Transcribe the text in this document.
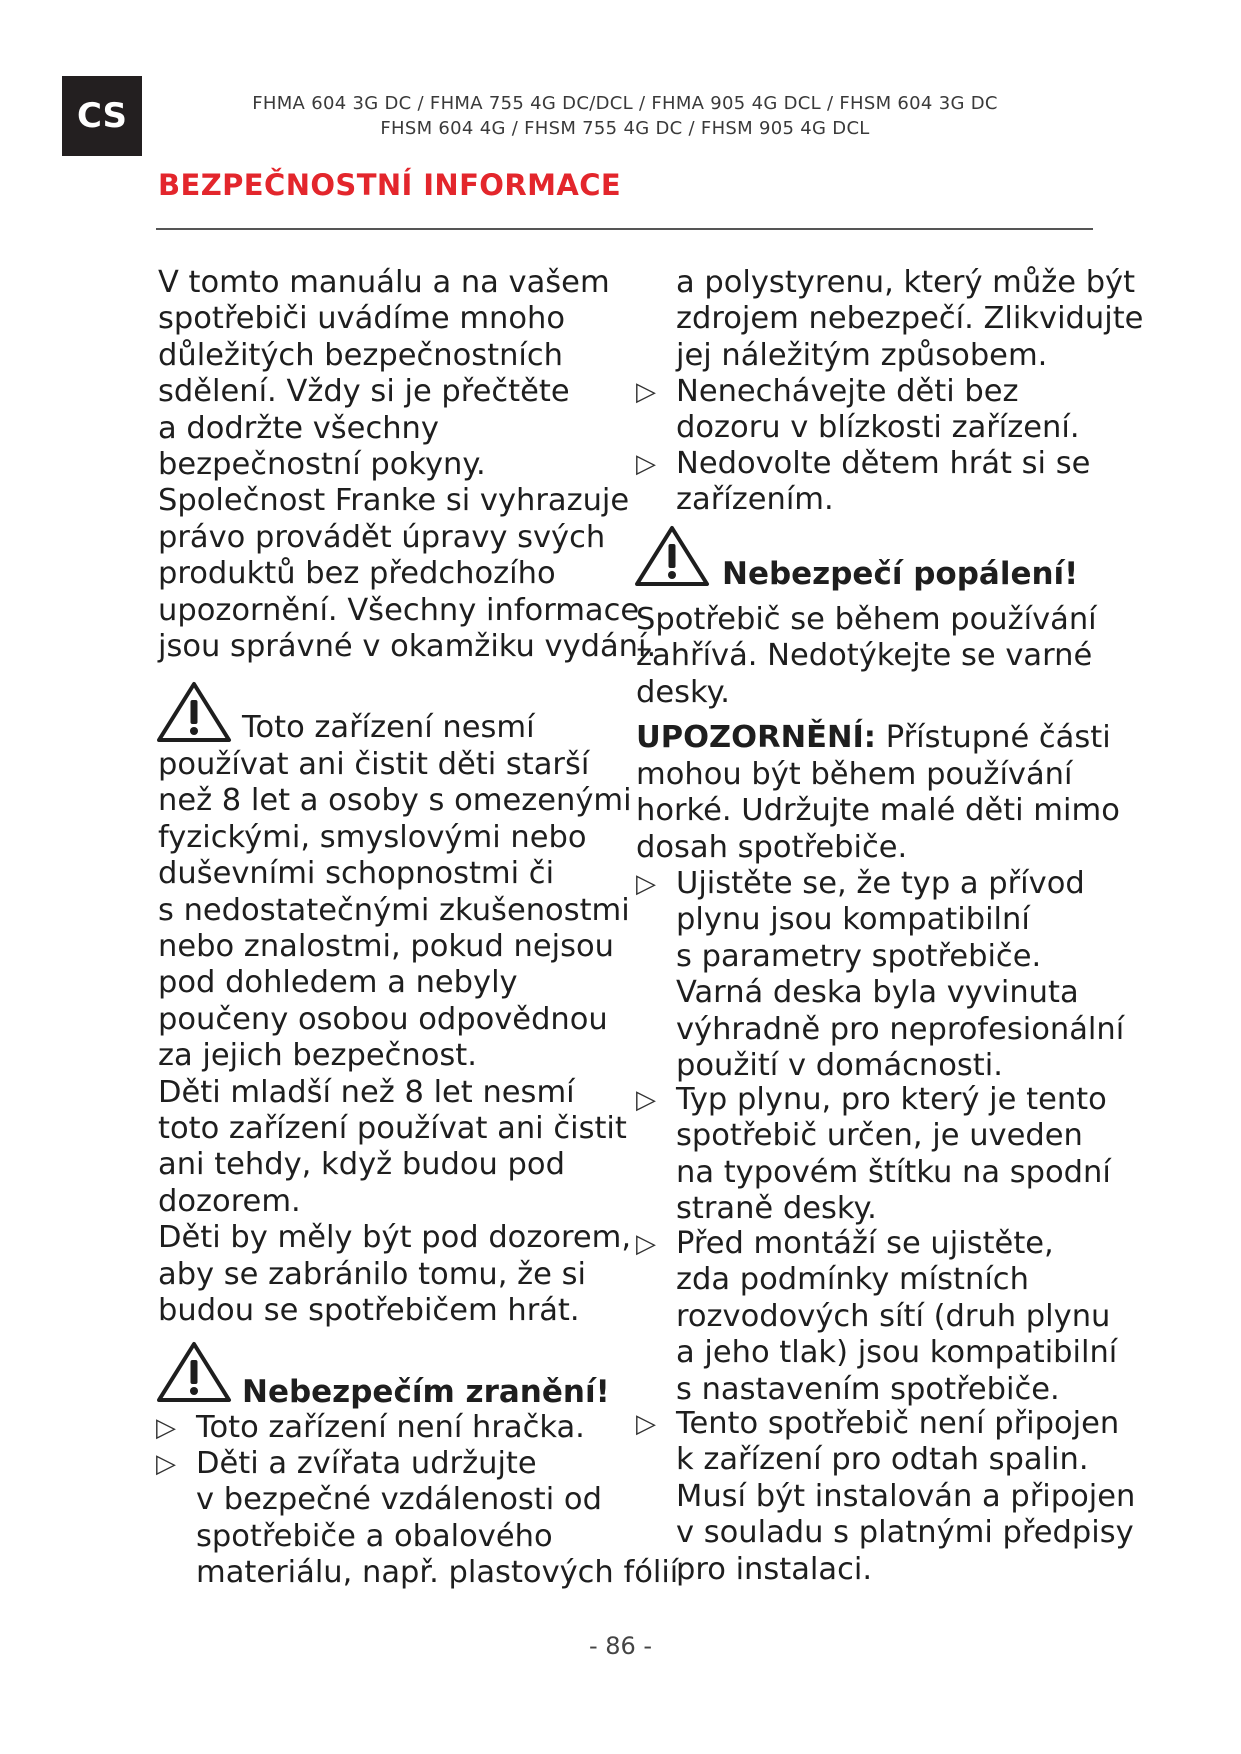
CS	FHMA 604 3G DC / FHMA 755 4G DC/DCL / FHMA 905 4G DCL / FHSM 604 3G DC
FHSM 604 4G / FHSM 755 4G DC / FHSM 905 4G DCL
BEZPEČNOSTNÍ INFORMACE
V tomto manuálu a na vašem
spotřebiči uvádíme mnoho
důležitých bezpečnostních
sdělení. Vždy si je přečtěte
a dodržte všechny
bezpečnostní pokyny.
Společnost Franke si vyhrazuje
právo provádět úpravy svých
produktů bez předchozího
upozornění. Všechny informace
jsou správné v okamžiku vydání.
Toto zařízení nesmí
používat ani čistit děti starší
než 8 let a osoby s omezenými
fyzickými, smyslovými nebo
duševními schopnostmi či
s nedostatečnými zkušenostmi
nebo znalostmi, pokud nejsou
pod dohledem a nebyly
poučeny osobou odpovědnou
za jejich bezpečnost.
Děti mladší než 8 let nesmí
toto zařízení používat ani čistit
ani tehdy, když budou pod
dozorem.
Děti by měly být pod dozorem,
aby se zabránilo tomu, že si
budou se spotřebičem hrát.
Nebezpečím zranění!
▷ Toto zařízení není hračka.
▷ Děti a zvířata udržujte
v bezpečné vzdálenosti od
spotřebiče a obalového
materiálu, např. plastových fólií
a polystyrenu, který může být
zdrojem nebezpečí. Zlikvidujte
jej náležitým způsobem.
▷ Nenechávejte děti bez
dozoru v blízkosti zařízení.
▷ Nedovolte dětem hrát si se
zařízením.
Nebezpečí popálení!
Spotřebič se během používání
zahřívá. Nedotýkejte se varné
desky.
UPOZORNĚNÍ: Přístupné části
mohou být během používání
horké. Udržujte malé děti mimo
dosah spotřebiče.
▷ Ujistěte se, že typ a přívod
plynu jsou kompatibilní
s parametry spotřebiče.
Varná deska byla vyvinuta
výhradně pro neprofesionální
použití v domácnosti.
▷ Typ plynu, pro který je tento
spotřebič určen, je uveden
na typovém štítku na spodní
straně desky.
▷ Před montáží se ujistěte,
zda podmínky místních
rozvodových sítí (druh plynu
a jeho tlak) jsou kompatibilní
s nastavením spotřebiče.
▷ Tento spotřebič není připojen
k zařízení pro odtah spalin.
Musí být instalován a připojen
v souladu s platnými předpisy
pro instalaci.
- 86 -
